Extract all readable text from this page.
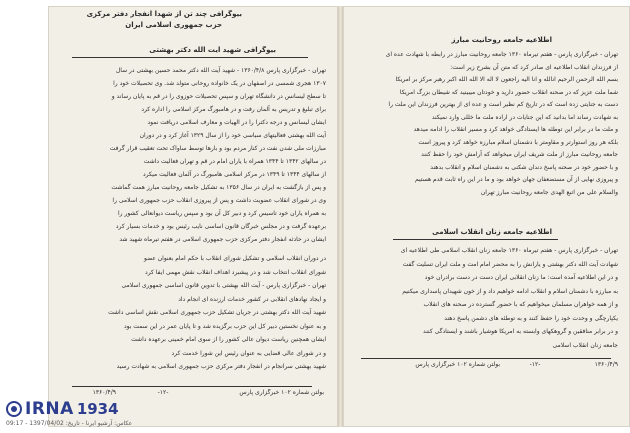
بیوگرافی چند تن از شهدا انفجار دفتر مرکزی
حزب جمهوری اسلامی ایران
بیوگرافی شهید آیت الله دکتر بهشتی
تهران - خبرگزاری پارس ۱۳۶۰/۴/۸ - شهید آیت الله دکتر محمد حسین بهشتی در سال
۱۳۰۷ هجری شمسی در اصفهان در یک خانواده روحانی متولد شد. وی تحصیلات خود را
تا سطح لیسانس در دانشگاه تهران و سپس تحصیلات حوزوی را در قم به پایان رساند و
برای تبلیغ و تدریس به آلمان رفت و در هامبورگ مرکز اسلامی را اداره کرد
ایشان لیسانس و درجه دکترا را در الهیات و معارف اسلامی دریافت نمود
آیت الله بهشتی فعالیتهای سیاسی خود را از سال ۱۳۲۹ آغاز کرد و در دوران
مبارزات ملی شدن نفت در کنار مردم بود و بارها توسط ساواک تحت تعقیب قرار گرفت
در سالهای ۱۳۴۲ تا ۱۳۴۴ همراه با یاران امام در قم و تهران فعالیت داشت
از سالهای ۱۳۴۴ تا ۱۳۴۹ در مرکز اسلامی هامبورگ در آلمان فعالیت میکرد
و پس از بازگشت به ایران در سال ۱۳۵۶ به تشکیل جامعه روحانیت مبارز همت گماشت
وی در شورای انقلاب عضویت داشت و پس از پیروزی انقلاب حزب جمهوری اسلامی را
به همراه یاران خود تاسیس کرد و دبیر کل آن بود و سپس ریاست دیوانعالی کشور را
برعهده گرفت و در مجلس خبرگان قانون اساسی نایب رئیس بود و خدمات بسیار کرد
ایشان در حادثه انفجار دفتر مرکزی حزب جمهوری اسلامی در هفتم تیرماه شهید شد
در دوران انقلاب اسلامی و تشکیل شورای انقلاب با حکم امام بعنوان عضو
شورای انقلاب انتخاب شد و در پیشبرد اهداف انقلاب نقش مهمی ایفا کرد
تهران - خبرگزاری پارس - آیت الله بهشتی با تدوین قانون اساسی جمهوری اسلامی
و ایجاد نهادهای انقلابی در کشور خدمات ارزنده ای انجام داد
شهید آیت الله دکتر بهشتی در جریان تشکیل حزب جمهوری اسلامی نقش اساسی داشت
و به عنوان نخستین دبیر کل این حزب برگزیده شد و تا پایان عمر در این سمت بود
ایشان همچنین ریاست دیوان عالی کشور را از سوی امام خمینی برعهده داشت
و در شورای عالی قضایی به عنوان رئیس این شورا خدمت کرد
شهید بهشتی سرانجام در انفجار دفتر مرکزی حزب جمهوری اسلامی به شهادت رسید
بولتن شماره ۱۰۲ خبرگزاری پارس
-۱۲-
۱۳۶۰/۴/۹
اطلاعیه جامعه روحانیت مبارز
تهران - خبرگزاری پارس - هفتم تیرماه ۱۳۶۰ جامعه روحانیت مبارز در رابطه با شهادت عده ای
از فرزندان انقلاب اطلاعیه ای صادر کرد که متن آن بشرح زیر است:
بسم الله الرحمن الرحیم انالله و انا الیه راجعون لا اله الا الله الله اکبر رهبر مرکز بر امریکا
شما ملت عزیز که در صحنه انقلاب حضور دارید و خودتان میبینید که شیطان بزرگ امریکا
دست به جنایتی زده است که در تاریخ کم نظیر است و عده ای از بهترین فرزندان این ملت را
به شهادت رساند اما بدانید که این جنایات در اراده ملت ما خللی وارد نمیکند
و ملت ما در برابر این توطئه ها ایستادگی خواهد کرد و مسیر انقلاب را ادامه میدهد
بلکه هر روز استوارتر و مقاومتر با دشمنان اسلام مبارزه خواهد کرد و پیروز است
جامعه روحانیت مبارز از ملت شریف ایران میخواهد که آرامش خود را حفظ کنند
و با حضور خود در صحنه پاسخ دندان شکنی به دشمنان اسلام و انقلاب بدهند
و پیروزی نهایی از آن مستضعفان جهان خواهد بود و ما در این راه ثابت قدم هستیم
والسلام علی من اتبع الهدی جامعه روحانیت مبارز تهران
اطلاعیه جامعه زنان انقلاب اسلامی
تهران - خبرگزاری پارس - هفتم تیرماه ۱۳۶۰ جامعه زنان انقلاب اسلامی طی اطلاعیه ای
شهادت آیت الله دکتر بهشتی و یارانش را به محضر امام امت و ملت ایران تسلیت گفت
و در این اطلاعیه آمده است: ما زنان انقلابی ایران دست در دست برادران خود
به مبارزه با دشمنان اسلام و انقلاب ادامه خواهیم داد و از خون شهیدان پاسداری میکنیم
و از همه خواهران مسلمان میخواهیم که با حضور گسترده در صحنه های انقلاب
یکپارچگی و وحدت خود را حفظ کنند و به توطئه های دشمن پاسخ دهند
و در برابر منافقین و گروهکهای وابسته به امریکا هوشیار باشند و ایستادگی کنند
جامعه زنان انقلاب اسلامی
بولتن شماره ۱۰۲ خبرگزاری پارس	-۱۲-	۱۳۶۰/۴/۹
IRNA 1934
عکاس: آرشیو ایرنا - تاریخ: 1397/04/02 - 09:17
